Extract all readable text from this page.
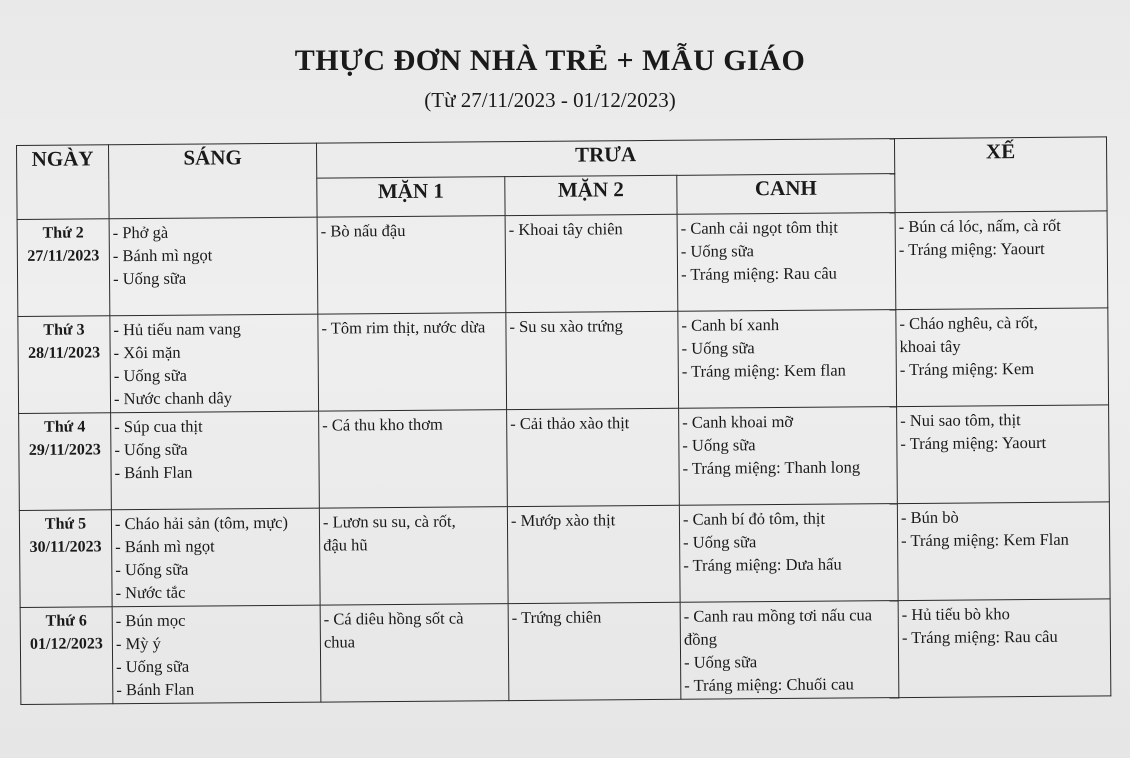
THỰC ĐƠN NHÀ TRẺ + MẪU GIÁO
(Từ 27/11/2023 - 01/12/2023)
NGÀY	SÁNG	TRƯA			XẾ
		MẶN 1	MẶN 2	CANH	

Thứ 2
27/11/2023	- Phở gà
- Bánh mì ngọt
- Uống sữa	- Bò nấu đậu	- Khoai tây chiên	- Canh cải ngọt tôm thịt
- Uống sữa
- Tráng miệng: Rau câu	- Bún cá lóc, nấm, cà rốt
- Tráng miệng: Yaourt

Thứ 3
28/11/2023	- Hủ tiếu nam vang
- Xôi mặn
- Uống sữa
- Nước chanh dây	- Tôm rim thịt, nước dừa	- Su su xào trứng	- Canh bí xanh
- Uống sữa
- Tráng miệng: Kem flan	- Cháo nghêu, cà rốt,
khoai tây
- Tráng miệng: Kem

Thứ 4
29/11/2023	- Súp cua thịt
- Uống sữa
- Bánh Flan	- Cá thu kho thơm	- Cải thảo xào thịt	- Canh khoai mỡ
- Uống sữa
- Tráng miệng: Thanh long	- Nui sao tôm, thịt
- Tráng miệng: Yaourt

Thứ 5
30/11/2023	- Cháo hải sản (tôm, mực)
- Bánh mì ngọt
- Uống sữa
- Nước tắc	- Lươn su su, cà rốt,
đậu hũ	- Mướp xào thịt	- Canh bí đỏ tôm, thịt
- Uống sữa
- Tráng miệng: Dưa hấu	- Bún bò
- Tráng miệng: Kem Flan

Thứ 6
01/12/2023	- Bún mọc
- Mỳ ý
- Uống sữa
- Bánh Flan	- Cá diêu hồng sốt cà
chua	- Trứng chiên	- Canh rau mồng tơi nấu cua
đồng
- Uống sữa
- Tráng miệng: Chuối cau	- Hủ tiếu bò kho
- Tráng miệng: Rau câu
